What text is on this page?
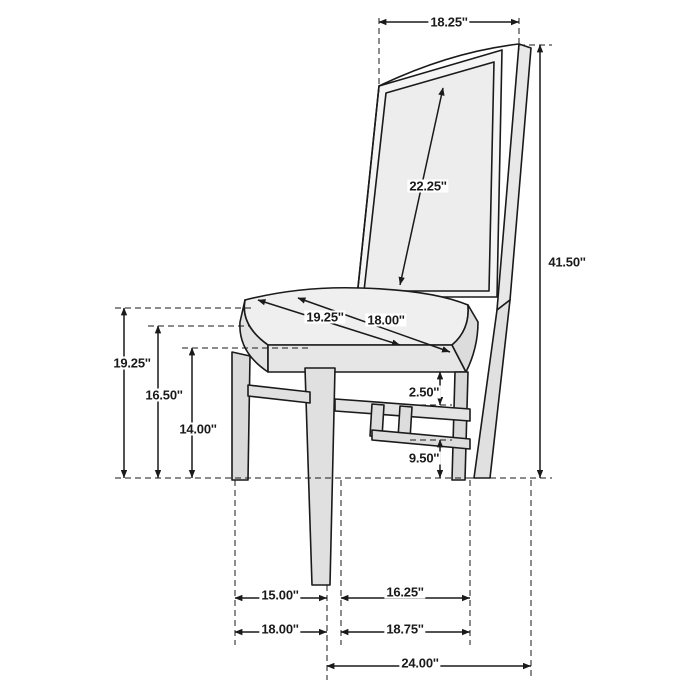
18.25''
22.25''
41.50''
19.25'' 18.00''
19.25''
16.50''
14.00''
2.50''
9.50''
15.00''	16.25''
18.00''	18.75''
24.00''
